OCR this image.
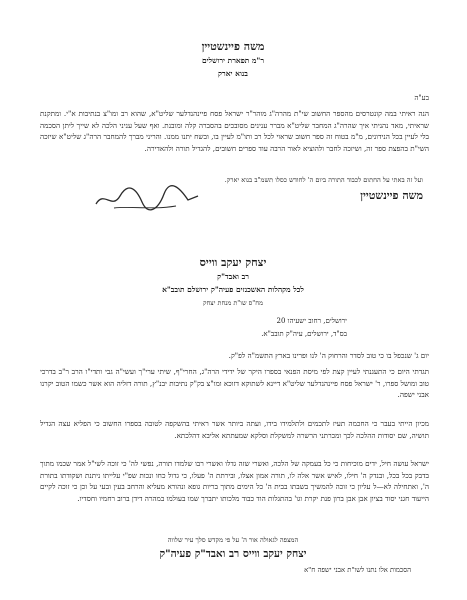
משה פיינשטיין
ר"מ תפארת ירושלים
בנוא יארק
בע"ה
הנה ראיתי במה קונטרסים מהספר החשוב שי"ת מהרה"ג מוהר"ר ישראל פסח פיינהנדלער שליט"א, שהוא רב ומו"צ בנתיבות א"י. ומתקנת שראיתי, מאד נהניתי איך שהרה"ג המחבר שליט"א מברר ענינים מסובכים בהסברה קלה ומובנת. ואף שעל עניני הלכה לא שייך ליתן הסכמה בלי לעיין בכל הנידונים, מ"מ בטוח זה ספר חשוב שראוי לכל רב ותו"מ לעיין בו, ובשח יתנו ממנו. והריני מברך להמחבר הרה"ג שליט"א שיזכה השי"ת בהפצת ספר זה, ושיזכה לחבר ולהוציא לאור הרבה עוד ספרים חשובים, להגדיל תורה ולהאדירה.
ועל זה באתי על החתום לכבוד התורה ביום ה' לחודש כסלו תשמ"ב בנוא יארק.
משה פיינשטיין
יצחק יעקב ווייס
רב ואבד"ק
לכל מקהלות האשכנזים פעיה"ק ירושלם תובב"א
מח"ס שו"ת מנחת יצחק
ירושלים, רחוב ישעיהו 20
בס"ד, ירושלים, עיה"ק תובב"א.
יום ג' שנכפל בו כי טוב לסדר והרחוק ה' לנו ופרינו בארץ התשמ"ה לפ"ק.
תגדתי היום כי התעגנתי לעיין קצת לפי מיסת הפנאי בספרו היקר של ידידי הרה"ג, החרי"ף, שיתי ערי"ך ועשי"ה גבי ותדי"ו הרב ר"ב בדרכי טוב ומושל ספרו, ר' ישראל פסח פיינהנדלער שליט"א דיינא לשתוקא דזוכא ומו"צ בק"ק נתיבות יבנ"ץ, תורה דזליה הוא אשר כשמו הטוב יקרנו אבני ישפה.
מכיון הייתי בעבר כי החכמה תעיז לתכמים ולתלמידו בידו, ועתה ביותר אשר ראיתי בהשקפה לטובה בספרו החשוב כי הפליא עצה הגדיל תושיה, שם יסודות ההלכה לכך ומכרתני הרשרה למשקלת וסלקא שמעתתא אליבא דהלכתא.
ישראל עושה חיל, ידים מוכיחות כי כל בעמקה של הלכה, ואשרי שזה גדלו ואשרי רבו שלמדו תורה, נפשי לה' כי זוכה לשי"ל אמר שכמו מתוך בדבק בכל בכל, ובנדק ה' חילו, לאיש אשר אלה לו, תורה אמון אצלו, ובירתת ה' פעלו, כי גדול כחו ונכות שפ"י עלייתו ניתנת ושקודתו בתורת ה', ואתחילה לא—ל עליון כי זוכה להמשיך בשבתו בבית ה' כל הימים מתוך בריות גופא ונהורא מעליא והרחב בעין ובעי על וכן כי זוכה לקיים הייעוד חגני יסוד בציון אבן אבן ברון פנת יקרת וגו' בהתגלות הוד כבוד מלכותו יתברך שמו בעולמו במהרה דידן ברוב רחמיו וחסדיו.
המצפה לגאולה אור ה' על פי מקדש סלך עיר שלווה
יצחק יעקב ווייס רב ואבד"ק פעיה"ק
הסכמות אלו נתנו לשו"ת אבני ישפה ח"א
